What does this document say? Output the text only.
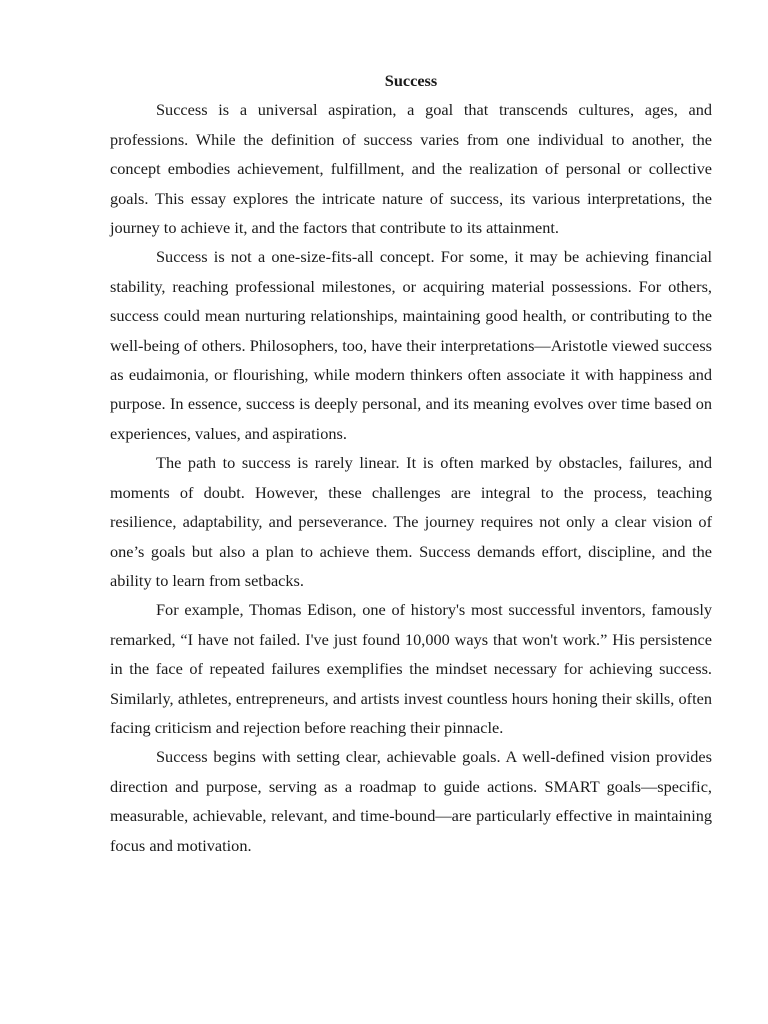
Success

Success is a universal aspiration, a goal that transcends cultures, ages, and professions. While the definition of success varies from one individual to another, the concept embodies achievement, fulfillment, and the realization of personal or collective goals. This essay explores the intricate nature of success, its various interpretations, the journey to achieve it, and the factors that contribute to its attainment.

Success is not a one-size-fits-all concept. For some, it may be achieving financial stability, reaching professional milestones, or acquiring material possessions. For others, success could mean nurturing relationships, maintaining good health, or contributing to the well-being of others. Philosophers, too, have their interpretations—Aristotle viewed success as eudaimonia, or flourishing, while modern thinkers often associate it with happiness and purpose. In essence, success is deeply personal, and its meaning evolves over time based on experiences, values, and aspirations.

The path to success is rarely linear. It is often marked by obstacles, failures, and moments of doubt. However, these challenges are integral to the process, teaching resilience, adaptability, and perseverance. The journey requires not only a clear vision of one’s goals but also a plan to achieve them. Success demands effort, discipline, and the ability to learn from setbacks.

For example, Thomas Edison, one of history's most successful inventors, famously remarked, “I have not failed. I've just found 10,000 ways that won't work.” His persistence in the face of repeated failures exemplifies the mindset necessary for achieving success. Similarly, athletes, entrepreneurs, and artists invest countless hours honing their skills, often facing criticism and rejection before reaching their pinnacle.

Success begins with setting clear, achievable goals. A well-defined vision provides direction and purpose, serving as a roadmap to guide actions. SMART goals—specific, measurable, achievable, relevant, and time-bound—are particularly effective in maintaining focus and motivation.
